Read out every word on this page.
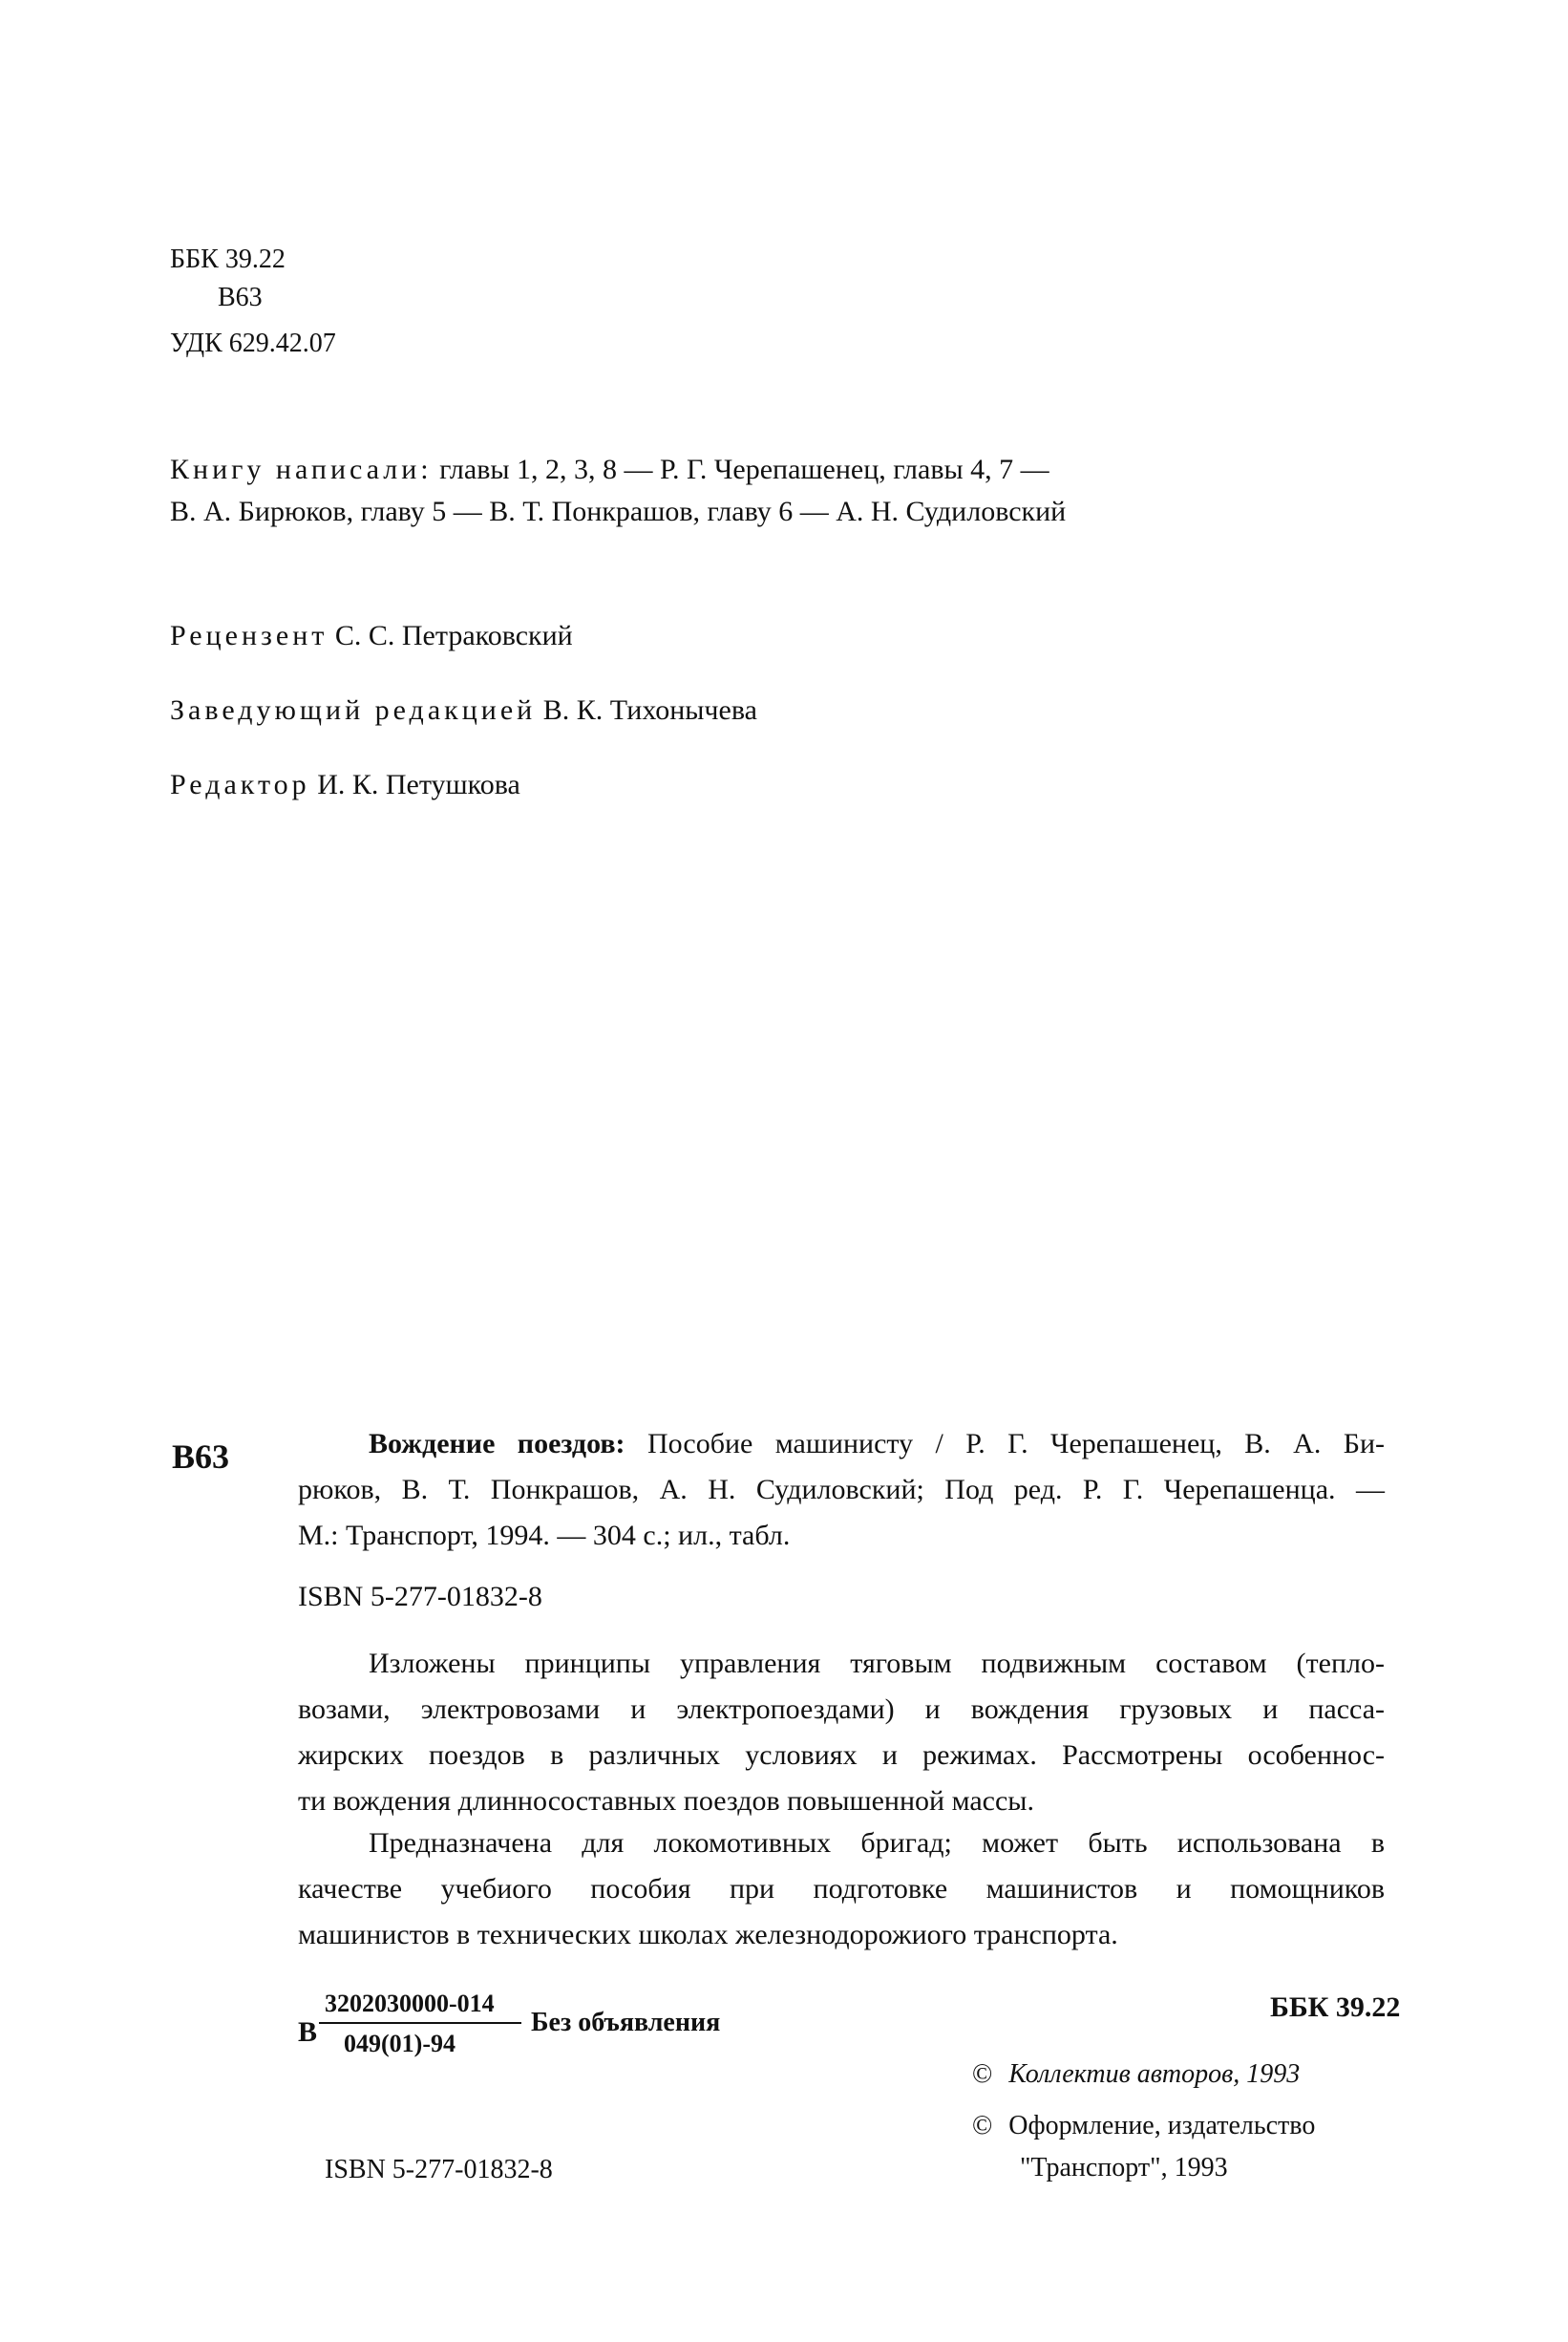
ББК 39.22
В63
УДК 629.42.07
Книгу написали: главы 1, 2, 3, 8 — Р. Г. Черепашенец, главы 4, 7 —
В. А. Бирюков, главу 5 — В. Т. Понкрашов, главу 6 — А. Н. Судиловский
Рецензент С. С. Петраковский
Заведующий редакцией В. К. Тихонычева
Редактор И. К. Петушкова
В63	Вождение поездов: Пособие машинисту / Р. Г. Черепашенец, В. А. Би-
рюков, В. Т. Понкрашов, А. Н. Судиловский; Под ред. Р. Г. Черепашенца. —
М.: Транспорт, 1994. — 304 с.; ил., табл.
ISBN 5-277-01832-8
Изложены принципы управления тяговым подвижным составом (тепло-
возами, электровозами и электропоездами) и вождения грузовых и пасса-
жирских поездов в различных условиях и режимах. Рассмотрены особеннос-
ти вождения длинносоставных поездов повышенной массы.
Предназначена для локомотивных бригад; может быть использована в
качестве учебиого пособия при подготовке машинистов и помощников
машинистов в технических школах железнодорожиого транспорта.
В
3202030000-014
049(01)-94
Без объявления	ББК 39.22
© Коллектив авторов, 1993
© Оформление, издательство
"Транспорт", 1993
ISBN 5-277-01832-8
